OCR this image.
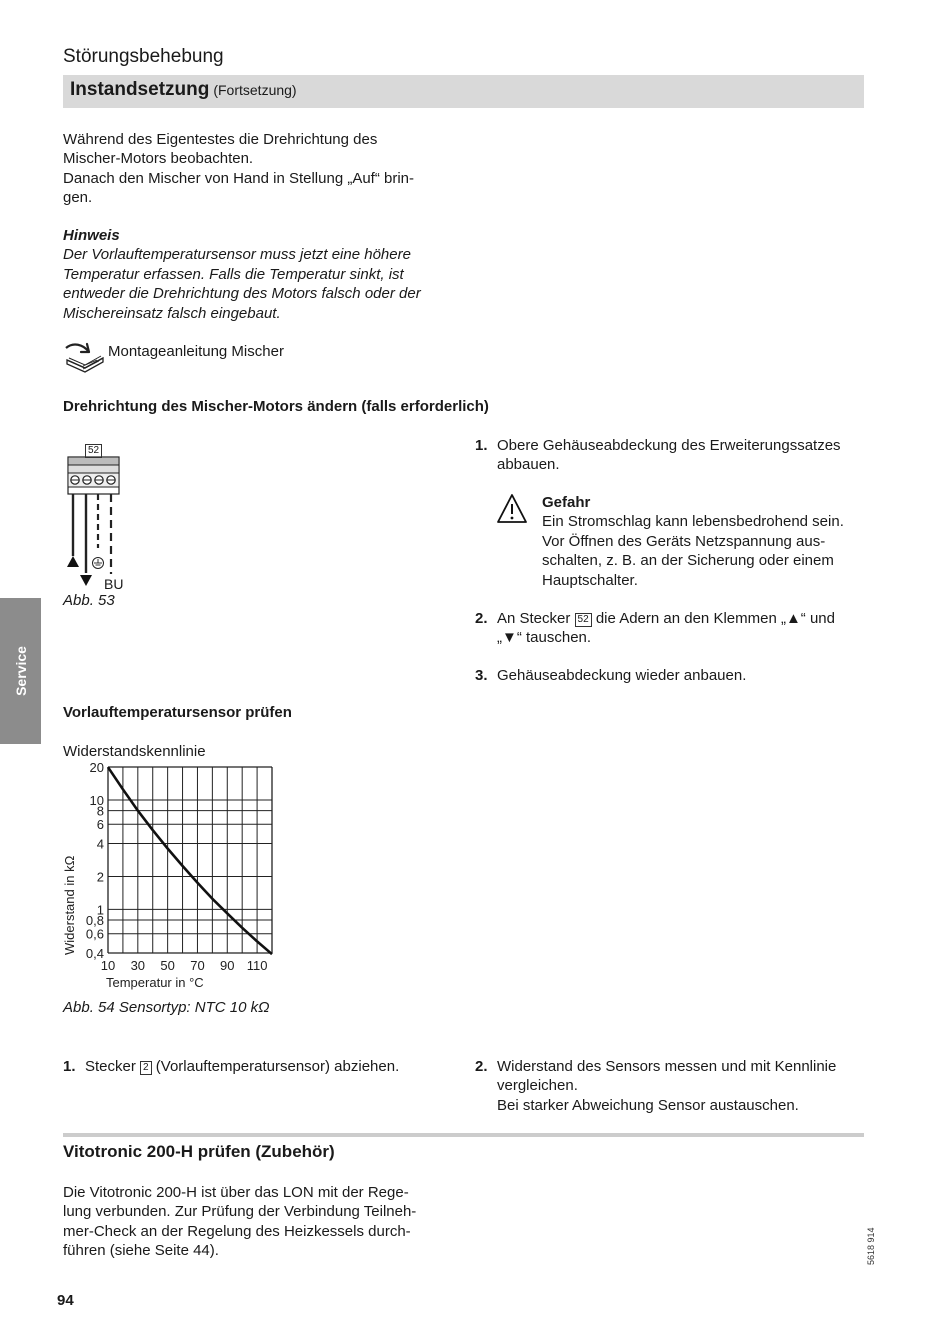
Störungsbehebung
Instandsetzung (Fortsetzung)
Während des Eigentestes die Drehrichtung des
Mischer-Motors beobachten.
Danach den Mischer von Hand in Stellung „Auf“ brin-
gen.
Hinweis
Der Vorlauftemperatursensor muss jetzt eine höhere
Temperatur erfassen. Falls die Temperatur sinkt, ist
entweder die Drehrichtung des Motors falsch oder der
Mischereinsatz falsch eingebaut.
Montageanleitung Mischer
Drehrichtung des Mischer-Motors ändern (falls erforderlich)
52
BU
Abb. 53
1. Obere Gehäuseabdeckung des Erweiterungssatzes
abbauen.
Gefahr
Ein Stromschlag kann lebensbedrohend sein.
Vor Öffnen des Geräts Netzspannung aus-
schalten, z. B. an der Sicherung oder einem
Hauptschalter.
2. An Stecker 52 die Adern an den Klemmen „▲“ und
„▼“ tauschen.
3. Gehäuseabdeckung wieder anbauen.
Service
Vorlauftemperatursensor prüfen
Widerstandskennlinie
Widerstand in kΩ
Temperatur in °C
20
10
8
6
4
2
1
0,8
0,6
0,4
10 30 50 70 90 110
Abb. 54 Sensortyp: NTC 10 kΩ
1. Stecker 2 (Vorlauftemperatursensor) abziehen.	2. Widerstand des Sensors messen und mit Kennlinie
vergleichen.
Bei starker Abweichung Sensor austauschen.
Vitotronic 200-H prüfen (Zubehör)
Die Vitotronic 200-H ist über das LON mit der Rege-
lung verbunden. Zur Prüfung der Verbindung Teilneh-
mer-Check an der Regelung des Heizkessels durch-
führen (siehe Seite 44).
94
5618 914
